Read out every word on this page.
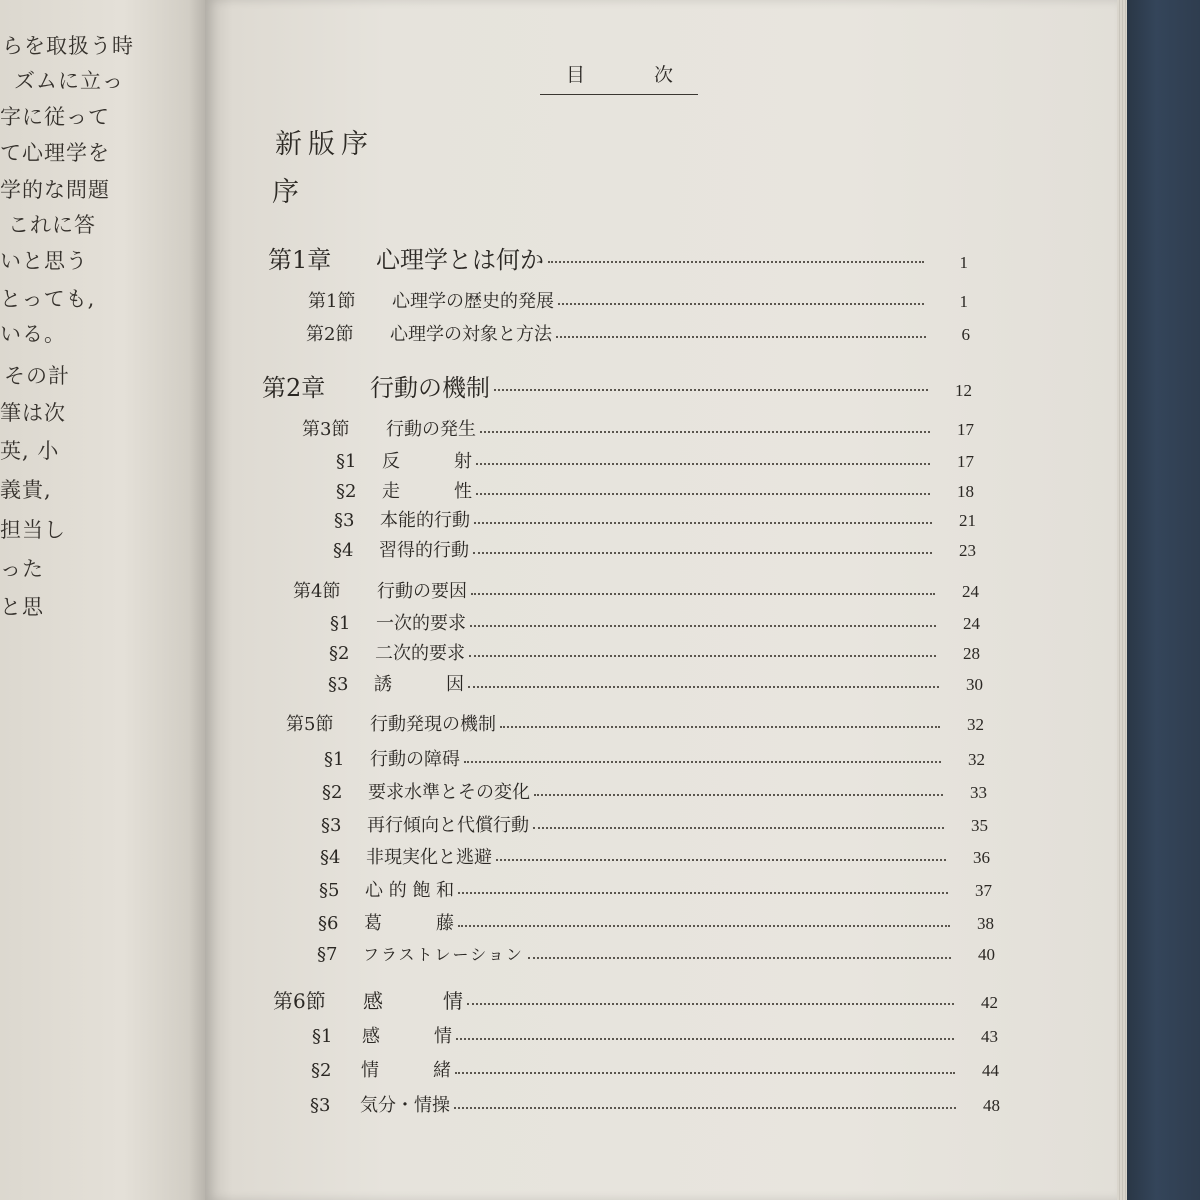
らを取扱う時
ズムに立っ
字に従って
て心理学を
学的な問題
これに答
いと思う
とっても,
いる。
その計
筆は次
英, 小
義貴,
担当し
った
と思
目	次
新版序
序
第1章	心理学とは何か	1
第1節	心理学の歴史的発展	1
第2節	心理学の対象と方法	6
第2章	行動の機制	12
第3節	行動の発生	17
§1	反　　　射	17
§2	走　　　性	18
§3	本能的行動	21
§4	習得的行動	23
第4節	行動の要因	24
§1	一次的要求	24
§2	二次的要求	28
§3	誘　　　因	30
第5節	行動発現の機制	32
§1	行動の障碍	32
§2	要求水準とその変化	33
§3	再行傾向と代償行動	35
§4	非現実化と逃避	36
§5	心 的 飽 和	37
§6	葛　　　藤	38
§7	フラストレーション	40
第6節	感　　　情	42
§1	感　　　情	43
§2	情　　　緒	44
§3	気分・情操	48
